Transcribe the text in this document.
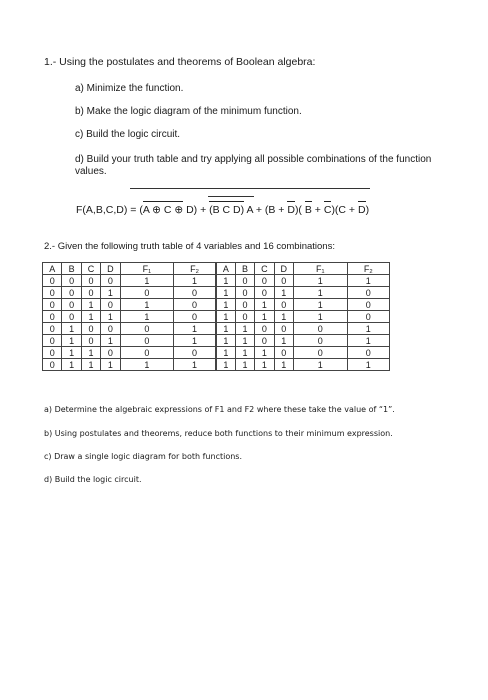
1.- Using the postulates and theorems of Boolean algebra:
a) Minimize the function.
b) Make the logic diagram of the minimum function.
c) Build the logic circuit.
d) Build your truth table and try applying all possible combinations of the function values.
F(A,B,C,D) = (A ⊕ C ⊕ D) + (B C D) A + (B + D)( B + C)(C + D)
2.- Given the following truth table of 4 variables and 16 combinations:
A	B	C	D	F₁	F₂	A	B	C	D	F₁	F₂
0	0	0	0	1	1	1	0	0	0	1	1
0	0	0	1	0	0	1	0	0	1	1	0
0	0	1	0	1	0	1	0	1	0	1	0
0	0	1	1	1	0	1	0	1	1	1	0
0	1	0	0	0	1	1	1	0	0	0	1
0	1	0	1	0	1	1	1	0	1	0	1
0	1	1	0	0	0	1	1	1	0	0	0
0	1	1	1	1	1	1	1	1	1	1	1
a) Determine the algebraic expressions of F1 and F2 where these take the value of “1”.
b) Using postulates and theorems, reduce both functions to their minimum expression.
c) Draw a single logic diagram for both functions.
d) Build the logic circuit.
